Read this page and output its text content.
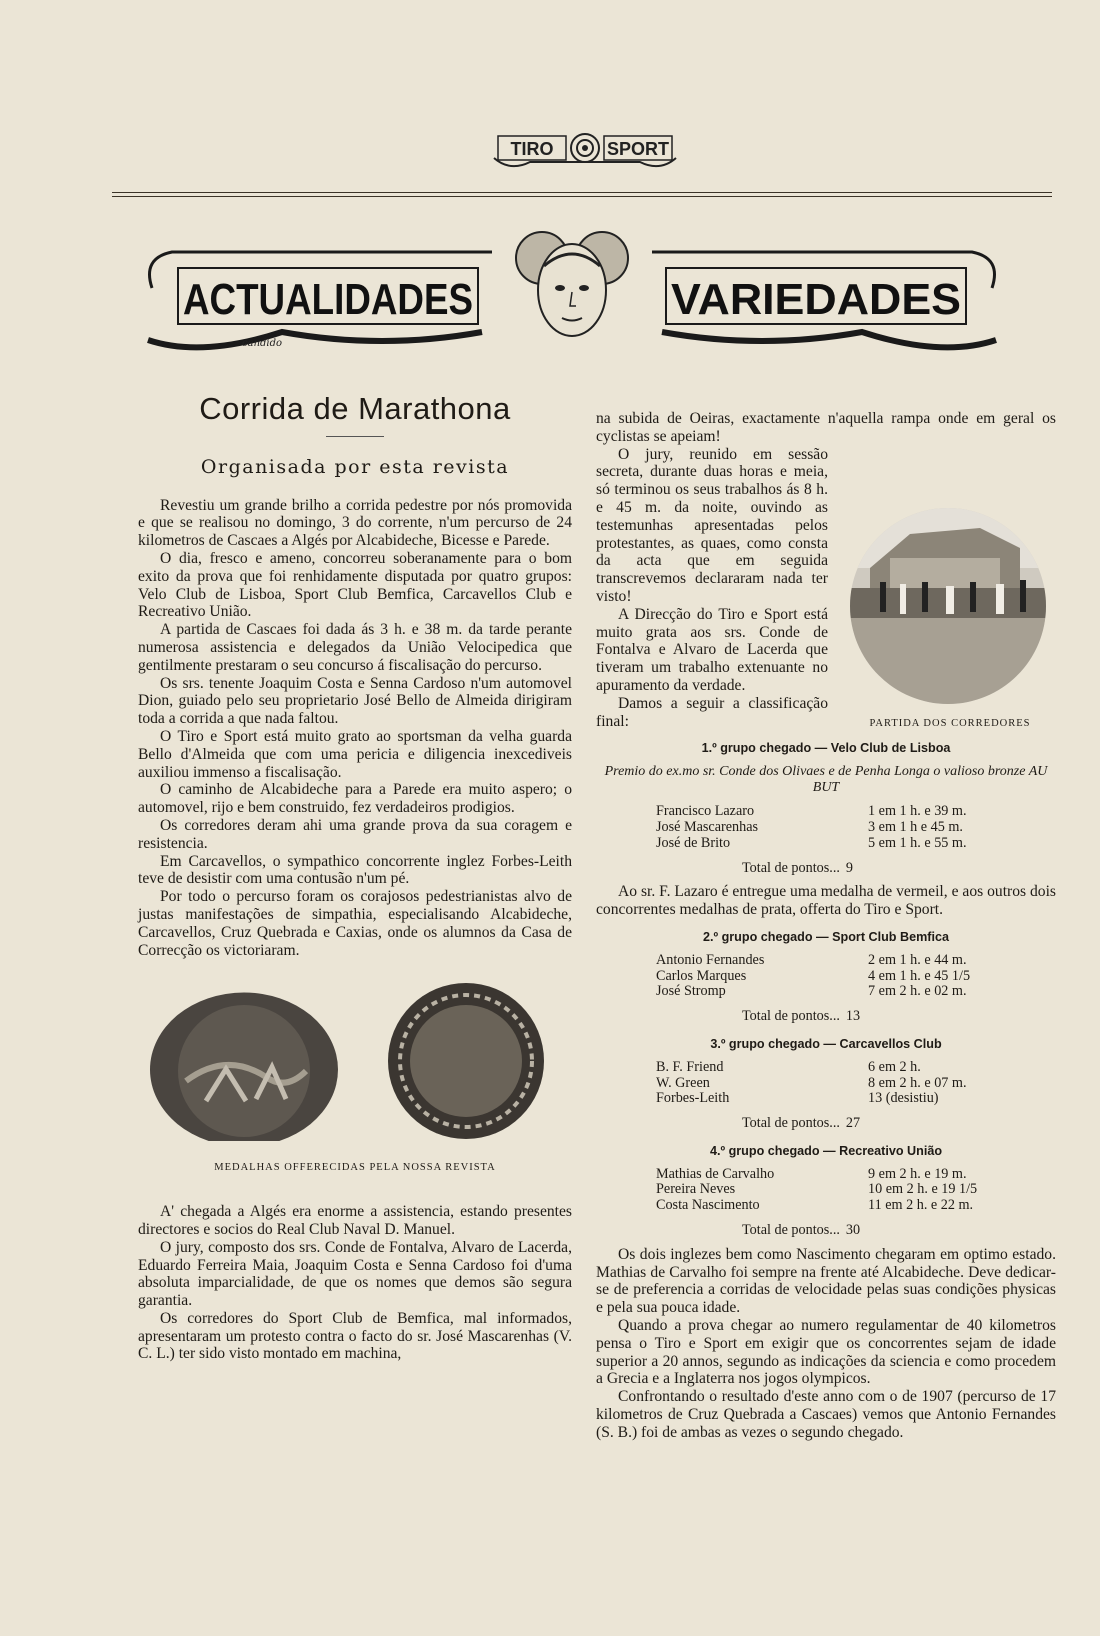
TIRO	SPORT
ACTUALIDADES	VARIEDADES
candido
Corrida de Marathona
Organisada por esta revista

Revestiu um grande brilho a corrida pedestre por nós promovida e que se realisou no domingo, 3 do corrente, n'um percurso de 24 kilometros de Cascaes a Algés por Alcabideche, Bicesse e Parede.

O dia, fresco e ameno, concorreu soberanamente para o bom exito da prova que foi renhidamente disputada por quatro grupos: Velo Club de Lisboa, Sport Club Bemfica, Carcavellos Club e Recreativo União.

A partida de Cascaes foi dada ás 3 h. e 38 m. da tarde perante numerosa assistencia e delegados da União Velocipedica que gentilmente prestaram o seu concurso á fiscalisação do percurso.

Os srs. tenente Joaquim Costa e Senna Cardoso n'um automovel Dion, guiado pelo seu proprietario José Bello de Almeida dirigiram toda a corrida a que nada faltou.

O Tiro e Sport está muito grato ao sportsman da velha guarda Bello d'Almeida que com uma pericia e diligencia inexcediveis auxiliou immenso a fiscalisação.

O caminho de Alcabideche para a Parede era muito aspero; o automovel, rijo e bem construido, fez verdadeiros prodigios.

Os corredores deram ahi uma grande prova da sua coragem e resistencia.

Em Carcavellos, o sympathico concorrente inglez Forbes-Leith teve de desistir com uma contusão n'um pé.

Por todo o percurso foram os corajosos pedestrianistas alvo de justas manifestações de simpathia, especialisando Alcabideche, Carcavellos, Cruz Quebrada e Caxias, onde os alumnos da Casa de Correcção os victoriaram.

MEDALHAS OFFERECIDAS PELA NOSSA REVISTA

A' chegada a Algés era enorme a assistencia, estando presentes directores e socios do Real Club Naval D. Manuel.

O jury, composto dos srs. Conde de Fontalva, Alvaro de Lacerda, Eduardo Ferreira Maia, Joaquim Costa e Senna Cardoso foi d'uma absoluta imparcialidade, de que os nomes que demos são segura garantia.

Os corredores do Sport Club de Bemfica, mal informados, apresentaram um protesto contra o facto do sr. José Mascarenhas (V. C. L.) ter sido visto montado em machina,

na subida de Oeiras, exactamente n'aquella rampa onde em geral os cyclistas se apeiam!

O jury, reunido em sessão secreta, durante duas horas e meia, só terminou os seus trabalhos ás 8 h. e 45 m. da noite, ouvindo as testemunhas apresentadas pelos protestantes, as quaes, como consta da acta que em seguida transcrevemos declararam nada ter visto!

A Direcção do Tiro e Sport está muito grata aos srs. Conde de Fontalva e Alvaro de Lacerda que tiveram um trabalho extenuante no apuramento da verdade.

Damos a seguir a classificação final:

1.º grupo chegado — Velo Club de Lisboa
Premio do ex.mo sr. Conde dos Olivaes e de Penha Longa o valioso bronze AU BUT
Francisco Lazaro	1 em 1 h. e 39 m.
José Mascarenhas	3 em 1 h e 45 m.
José de Brito	5 em 1 h. e 55 m.
Total de pontos... 9

Ao sr. F. Lazaro é entregue uma medalha de vermeil, e aos outros dois concorrentes medalhas de prata, offerta do Tiro e Sport.

2.º grupo chegado — Sport Club Bemfica
Antonio Fernandes	2 em 1 h. e 44 m.
Carlos Marques	4 em 1 h. e 45 1/5
José Stromp	7 em 2 h. e 02 m.
Total de pontos... 13
3.º grupo chegado — Carcavellos Club
B. F. Friend	6 em 2 h.
W. Green	8 em 2 h. e 07 m.
Forbes-Leith	13 (desistiu)
Total de pontos... 27
4.º grupo chegado — Recreativo União
Mathias de Carvalho	9 em 2 h. e 19 m.
Pereira Neves	10 em 2 h. e 19 1/5
Costa Nascimento	11 em 2 h. e 22 m.
Total de pontos... 30

Os dois inglezes bem como Nascimento chegaram em optimo estado. Mathias de Carvalho foi sempre na frente até Alcabideche. Deve dedicar-se de preferencia a corridas de velocidade pelas suas condições physicas e pela sua pouca idade.

Quando a prova chegar ao numero regulamentar de 40 kilometros pensa o Tiro e Sport em exigir que os concorrentes sejam de idade superior a 20 annos, segundo as indicações da sciencia e como procedem a Grecia e a Inglaterra nos jogos olympicos.

Confrontando o resultado d'este anno com o de 1907 (percurso de 17 kilometros de Cruz Quebrada a Cascaes) vemos que Antonio Fernandes (S. B.) foi de ambas as vezes o segundo chegado.

PARTIDA DOS CORREDORES
